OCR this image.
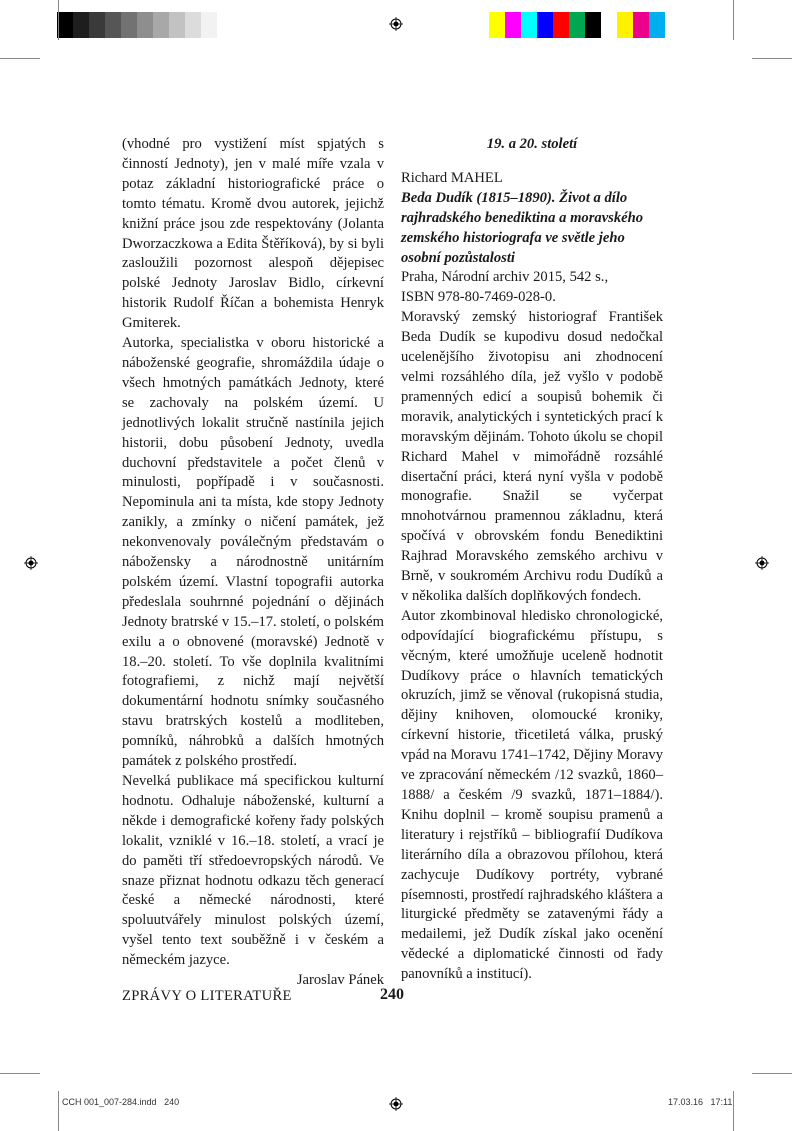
(vhodné pro vystižení míst spjatých s činností Jednoty), jen v malé míře vzala v potaz základní historiografické práce o tomto tématu. Kromě dvou autorek, jejichž knižní práce jsou zde respektovány (Jolanta Dworzaczkowa a Edita Štěříková), by si byli zasloužili pozornost alespoň dějepisec polské Jednoty Jaroslav Bidlo, církevní historik Rudolf Říčan a bohemista Henryk Gmiterek.

Autorka, specialistka v oboru historické a náboženské geografie, shromáždila údaje o všech hmotných památkách Jednoty, které se zachovaly na polském území. U jednotlivých lokalit stručně nastínila jejich historii, dobu působení Jednoty, uvedla duchovní představitele a počet členů v minulosti, popřípadě i v současnosti. Nepominula ani ta místa, kde stopy Jednoty zanikly, a zmínky o ničení památek, jež nekonvenovaly poválečným představám o nábožensky a národnostně unitárním polském území. Vlastní topografii autorka předeslala souhrnné pojednání o dějinách Jednoty bratrské v 15.–17. století, o polském exilu a o obnovené (moravské) Jednotě v 18.–20. století. To vše doplnila kvalitními fotografiemi, z nichž mají největší dokumentární hodnotu snímky současného stavu bratrských kostelů a modliteben, pomníků, náhrobků a dalších hmotných památek z polského prostředí.

Nevelká publikace má specifickou kulturní hodnotu. Odhaluje náboženské, kulturní a někde i demografické kořeny řady polských lokalit, vzniklé v 16.–18. století, a vrací je do paměti tří středoevropských národů. Ve snaze přiznat hodnotu odkazu těch generací české a německé národnosti, které spoluutvářely minulost polských území, vyšel tento text souběžně i v českém a německém jazyce.

Jaroslav Pánek

19. a 20. století

Richard MAHEL

Beda Dudík (1815–1890). Život a dílo rajhradského benediktina a moravského zemského historiografa ve světle jeho osobní pozůstalosti

Praha, Národní archiv 2015, 542 s.,

ISBN 978-80-7469-028-0.

Moravský zemský historiograf František Beda Dudík se kupodivu dosud nedočkal ucelenějšího životopisu ani zhodnocení velmi rozsáhlého díla, jež vyšlo v podobě pramenných edicí a soupisů bohemik či moravik, analytických i syntetických prací k moravským dějinám. Tohoto úkolu se chopil Richard Mahel v mimořádně rozsáhlé disertační práci, která nyní vyšla v podobě monografie. Snažil se vyčerpat mnohotvárnou pramennou základnu, která spočívá v obrovském fondu Benediktini Rajhrad Moravského zemského archivu v Brně, v soukromém Archivu rodu Dudíků a v několika dalších doplňkových fondech.

Autor zkombinoval hledisko chronologické, odpovídající biografickému přístupu, s věcným, které umožňuje uceleně hodnotit Dudíkovy práce o hlavních tematických okruzích, jimž se věnoval (rukopisná studia, dějiny knihoven, olomoucké kroniky, církevní historie, třicetiletá válka, pruský vpád na Moravu 1741–1742, Dějiny Moravy ve zpracování německém /12 svazků, 1860–1888/ a českém /9 svazků, 1871–1884/). Knihu doplnil – kromě soupisu pramenů a literatury i rejstříků – bibliografií Dudíkova literárního díla a obrazovou přílohou, která zachycuje Dudíkovy portréty, vybrané písemnosti, prostředí rajhradského kláštera a liturgické předměty se zatavenými řády a medailemi, jež Dudík získal jako ocenění vědecké a diplomatické činnosti od řady panovníků a institucí).

ZPRÁVY O LITERATUŘE	240
CCH 001_007-284.indd   240	17.03.16   17:11
